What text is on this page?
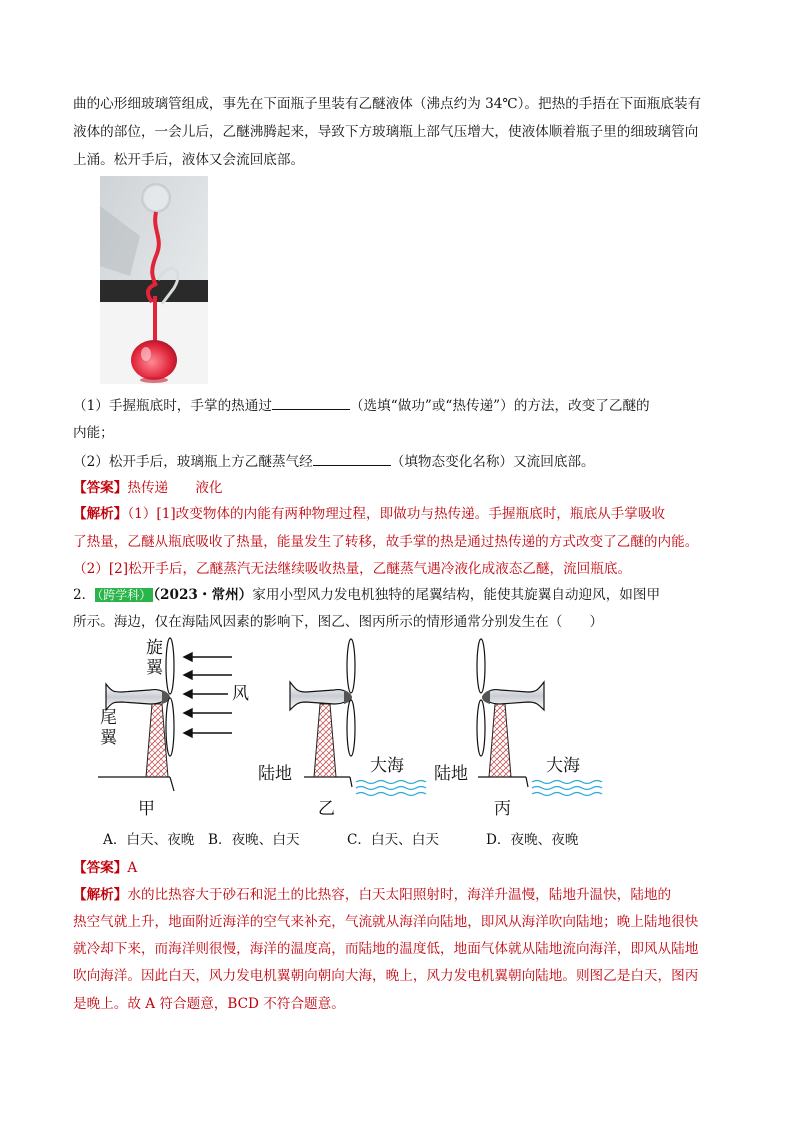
曲的心形细玻璃管组成，事先在下面瓶子里装有乙醚液体（沸点约为 34℃）。把热的手捂在下面瓶底装有
液体的部位，一会儿后，乙醚沸腾起来，导致下方玻璃瓶上部气压增大，使液体顺着瓶子里的细玻璃管向
上涌。松开手后，液体又会流回底部。
（1）手握瓶底时，手掌的热通过	（选填“做功”或“热传递”）的方法，改变了乙醚的
内能；
（2）松开手后，玻璃瓶上方乙醚蒸气经	（填物态变化名称）又流回底部。
【答案】热传递　　液化
【解析】（1）[1]改变物体的内能有两种物理过程，即做功与热传递。手握瓶底时，瓶底从手掌吸收
了热量，乙醚从瓶底吸收了热量，能量发生了转移，故手掌的热是通过热传递的方式改变了乙醚的内能。
（2）[2]松开手后，乙醚蒸汽无法继续吸收热量，乙醚蒸气遇冷液化成液态乙醚，流回瓶底。
2． （跨学科） （2023・常州）家用小型风力发电机独特的尾翼结构，能使其旋翼自动迎风，如图甲
所示。海边，仅在海陆风因素的影响下，图乙、图丙所示的情形通常分别发生在（　　）
旋翼
尾翼
风
陆地	大海 陆地	大海
甲	乙	丙
A．白天、夜晚 B．夜晚、白天	C．白天、白天	D．夜晚、夜晚
【答案】A
【解析】水的比热容大于砂石和泥土的比热容，白天太阳照射时，海洋升温慢，陆地升温快，陆地的
热空气就上升，地面附近海洋的空气来补充，气流就从海洋向陆地，即风从海洋吹向陆地；晚上陆地很快
就冷却下来，而海洋则很慢，海洋的温度高，而陆地的温度低，地面气体就从陆地流向海洋，即风从陆地
吹向海洋。因此白天，风力发电机翼朝向朝向大海，晚上，风力发电机翼朝向陆地。则图乙是白天，图丙
是晚上。故 A 符合题意，BCD 不符合题意。
